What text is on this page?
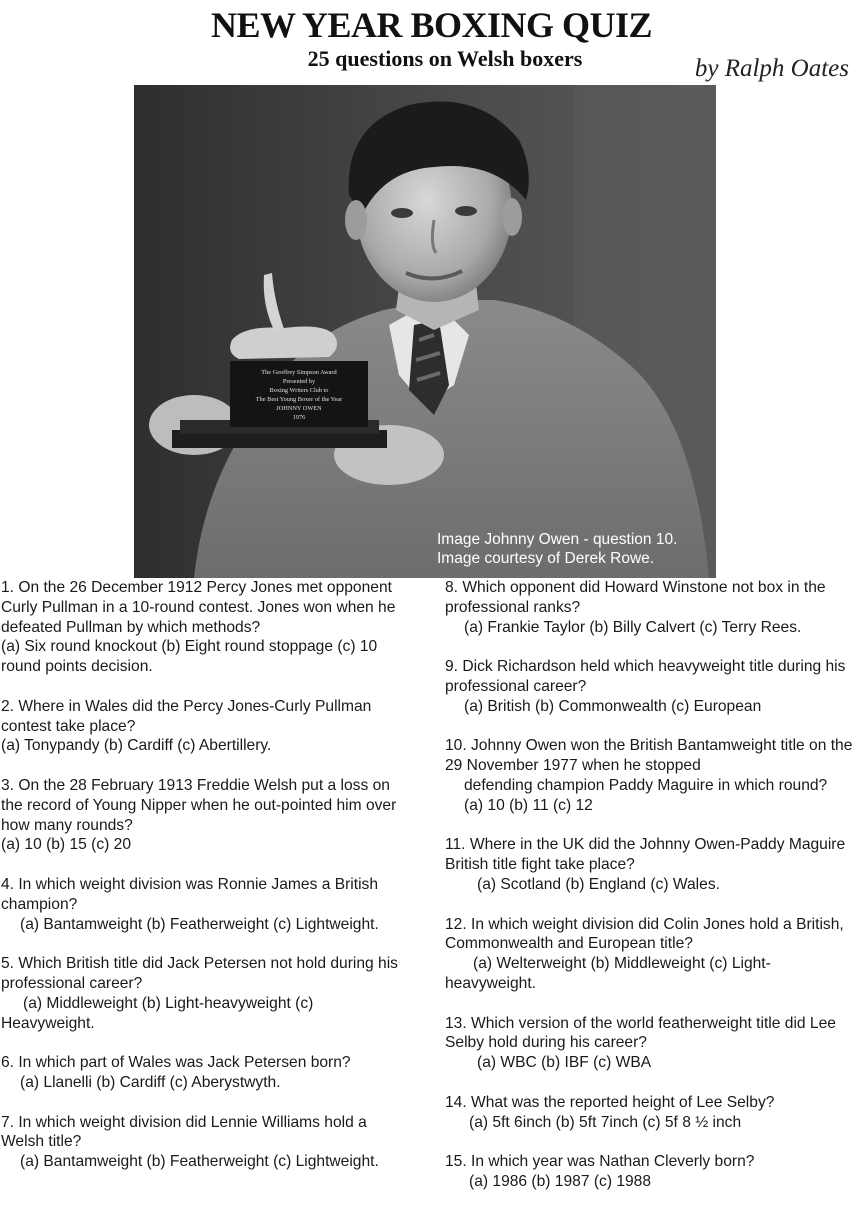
NEW YEAR BOXING QUIZ
25 questions on Welsh boxers	by Ralph Oates
The Geoffrey Simpson Award
Presented by
Boxing Writers Club to
The Best Young Boxer of the Year
JOHNNY OWEN
1976
Image Johnny Owen - question 10.
Image courtesy of Derek Rowe.

1. On the 26 December 1912 Percy Jones met opponent Curly Pullman in a 10-round contest. Jones won when he defeated Pullman by which methods?

(a) Six round knockout (b) Eight round stoppage (c) 10 round points decision.

2. Where in Wales did the Percy Jones-Curly Pullman contest take place?

(a) Tonypandy (b) Cardiff (c) Abertillery.

3. On the 28 February 1913 Freddie Welsh put a loss on the record of Young Nipper when he out-pointed him over how many rounds?

(a) 10 (b) 15 (c) 20

4. In which weight division was Ronnie James a British champion?

(a) Bantamweight (b) Featherweight (c) Lightweight.

5. Which British title did Jack Petersen not hold during his professional career?

(a) Middleweight (b) Light-heavyweight (c) Heavyweight.

6. In which part of Wales was Jack Petersen born?

(a) Llanelli (b) Cardiff (c) Aberystwyth.

7. In which weight division did Lennie Williams hold a Welsh title?

(a) Bantamweight (b) Featherweight (c) Lightweight.

8. Which opponent did Howard Winstone not box in the professional ranks?

(a) Frankie Taylor (b) Billy Calvert (c) Terry Rees.

9. Dick Richardson held which heavyweight title during his professional career?

(a) British (b) Commonwealth (c) European

10. Johnny Owen won the British Bantamweight title on the 29 November 1977 when he stopped

defending champion Paddy Maguire in which round?

(a) 10 (b) 11 (c) 12

11. Where in the UK did the Johnny Owen-Paddy Maguire British title fight take place?

(a) Scotland (b) England (c) Wales.

12. In which weight division did Colin Jones hold a British, Commonwealth and European title?

(a) Welterweight (b) Middleweight (c) Light-heavyweight.

13. Which version of the world featherweight title did Lee Selby hold during his career?

(a) WBC (b) IBF (c) WBA

14. What was the reported height of Lee Selby?

(a) 5ft 6inch (b) 5ft 7inch (c) 5f 8 ½ inch

15. In which year was Nathan Cleverly born?

(a) 1986 (b) 1987 (c) 1988
